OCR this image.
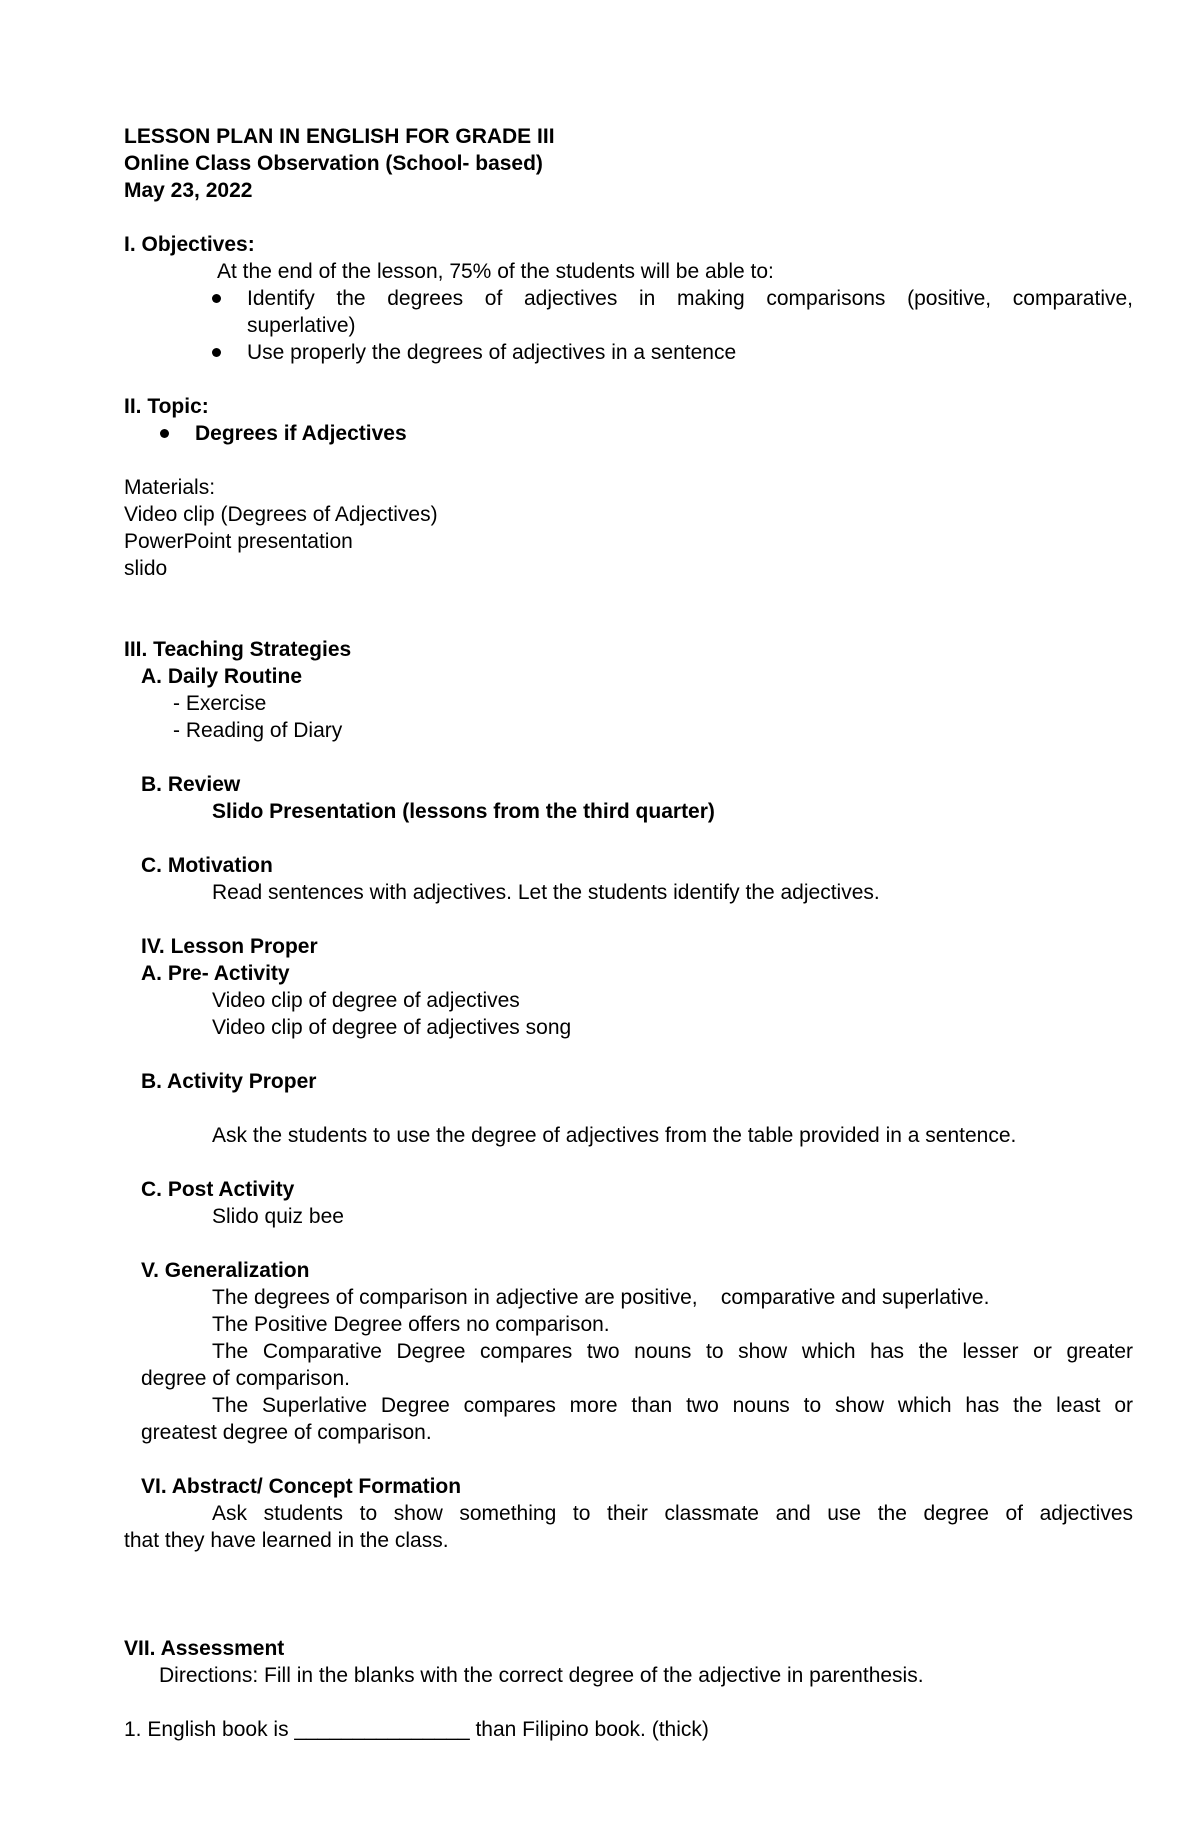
LESSON PLAN IN ENGLISH FOR GRADE III
Online Class Observation (School- based)
May 23, 2022
I. Objectives:
At the end of the lesson, 75% of the students will be able to:
Identify the degrees of adjectives in making comparisons (positive, comparative,
superlative)
Use properly the degrees of adjectives in a sentence
II. Topic:
Degrees if Adjectives
Materials:
Video clip (Degrees of Adjectives)
PowerPoint presentation
slido
III. Teaching Strategies
A. Daily Routine
- Exercise
- Reading of Diary
B. Review
Slido Presentation (lessons from the third quarter)
C. Motivation
Read sentences with adjectives. Let the students identify the adjectives.
IV. Lesson Proper
A. Pre- Activity
Video clip of degree of adjectives
Video clip of degree of adjectives song
B. Activity Proper
Ask the students to use the degree of adjectives from the table provided in a sentence.
C. Post Activity
Slido quiz bee
V. Generalization
The degrees of comparison in adjective are positive,    comparative and superlative.
The Positive Degree offers no comparison.
The Comparative Degree compares two nouns to show which has the lesser or greater
degree of comparison.
The Superlative Degree compares more than two nouns to show which has the least or
greatest degree of comparison.
VI. Abstract/ Concept Formation
Ask students to show something to their classmate and use the degree of adjectives
that they have learned in the class.
VII. Assessment
Directions: Fill in the blanks with the correct degree of the adjective in parenthesis.
1. English book is _______________ than Filipino book. (thick)
